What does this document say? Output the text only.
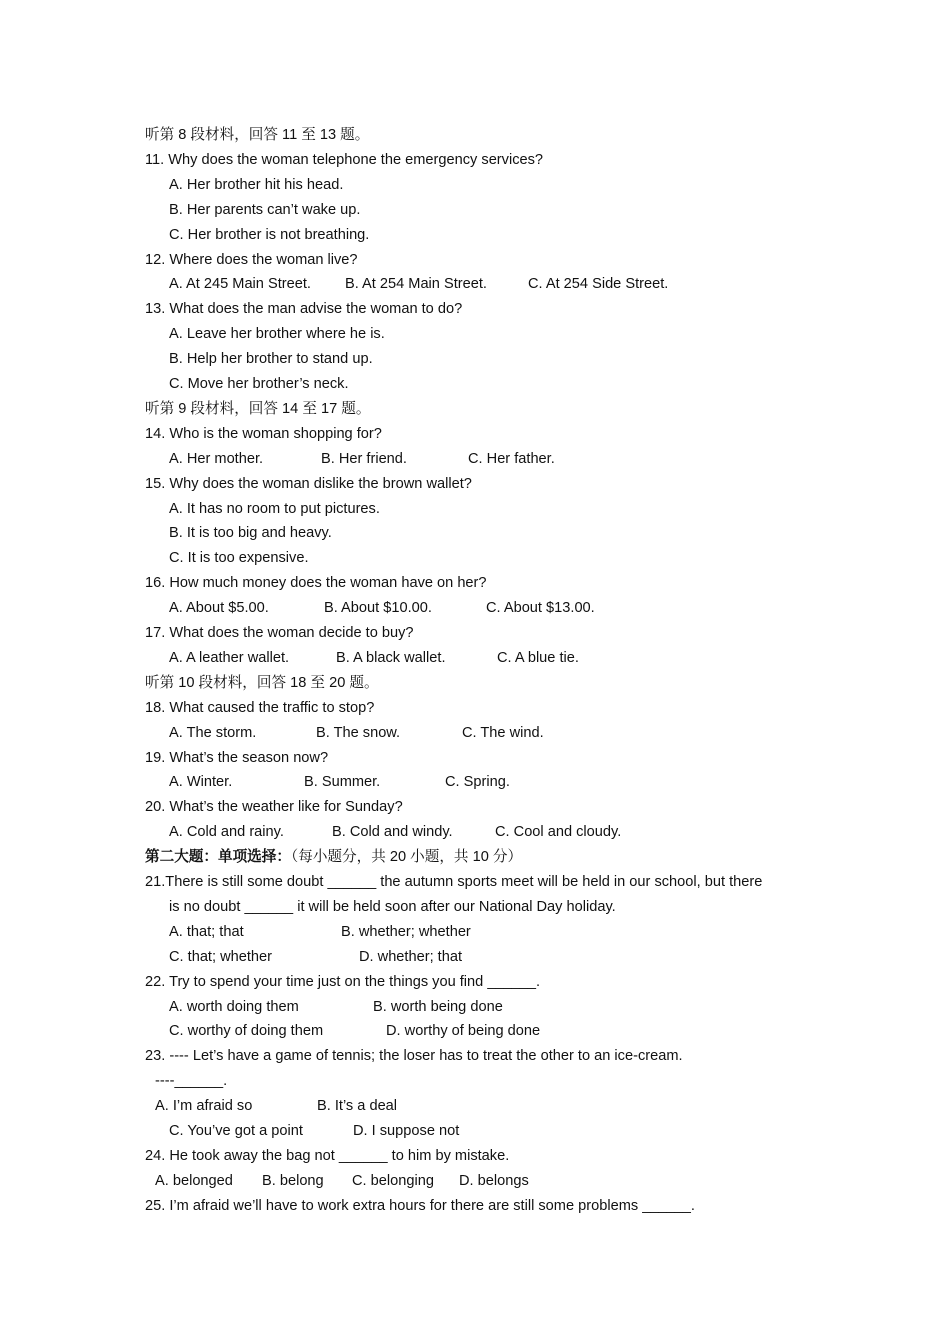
听第 8 段材料，回答 11 至 13 题。
11. Why does the woman telephone the emergency services?
A. Her brother hit his head.
B. Her parents can’t wake up.
C. Her brother is not breathing.
12. Where does the woman live?
A. At 245 Main Street. B. At 254 Main Street.	C. At 254 Side Street.
13. What does the man advise the woman to do?
A. Leave her brother where he is.
B. Help her brother to stand up.
C. Move her brother’s neck.
听第 9 段材料，回答 14 至 17 题。
14. Who is the woman shopping for?
A. Her mother.	B. Her friend.	C. Her father.
15. Why does the woman dislike the brown wallet?
A. It has no room to put pictures.
B. It is too big and heavy.
C. It is too expensive.
16. How much money does the woman have on her?
A. About $5.00.	B. About $10.00.	C. About $13.00.
17. What does the woman decide to buy?
A. A leather wallet.	B. A black wallet.	C. A blue tie.
听第 10 段材料，回答 18 至 20 题。
18. What caused the traffic to stop?
A. The storm.	B. The snow.	C. The wind.
19. What’s the season now?
A. Winter.	B. Summer.	C. Spring.
20. What’s the weather like for Sunday?
A. Cold and rainy.	B. Cold and windy.	C. Cool and cloudy.
第二大题：单项选择：（每小题分，共 20 小题，共 10 分）
21.There is still some doubt ______ the autumn sports meet will be held in our school, but there
is no doubt ______ it will be held soon after our National Day holiday.
A. that; that	B. whether; whether
C. that; whether	D. whether; that
22. Try to spend your time just on the things you find ______.
A. worth doing them	B. worth being done
C. worthy of doing them	D. worthy of being done
23. ---- Let’s have a game of tennis; the loser has to treat the other to an ice-cream.
----______.
A. I’m afraid so	B. It’s a deal
C. You’ve got a point	D. I suppose not
24. He took away the bag not ______ to him by mistake.
A. belonged B. belong C. belonging D. belongs
25. I’m afraid we’ll have to work extra hours for there are still some problems ______.
